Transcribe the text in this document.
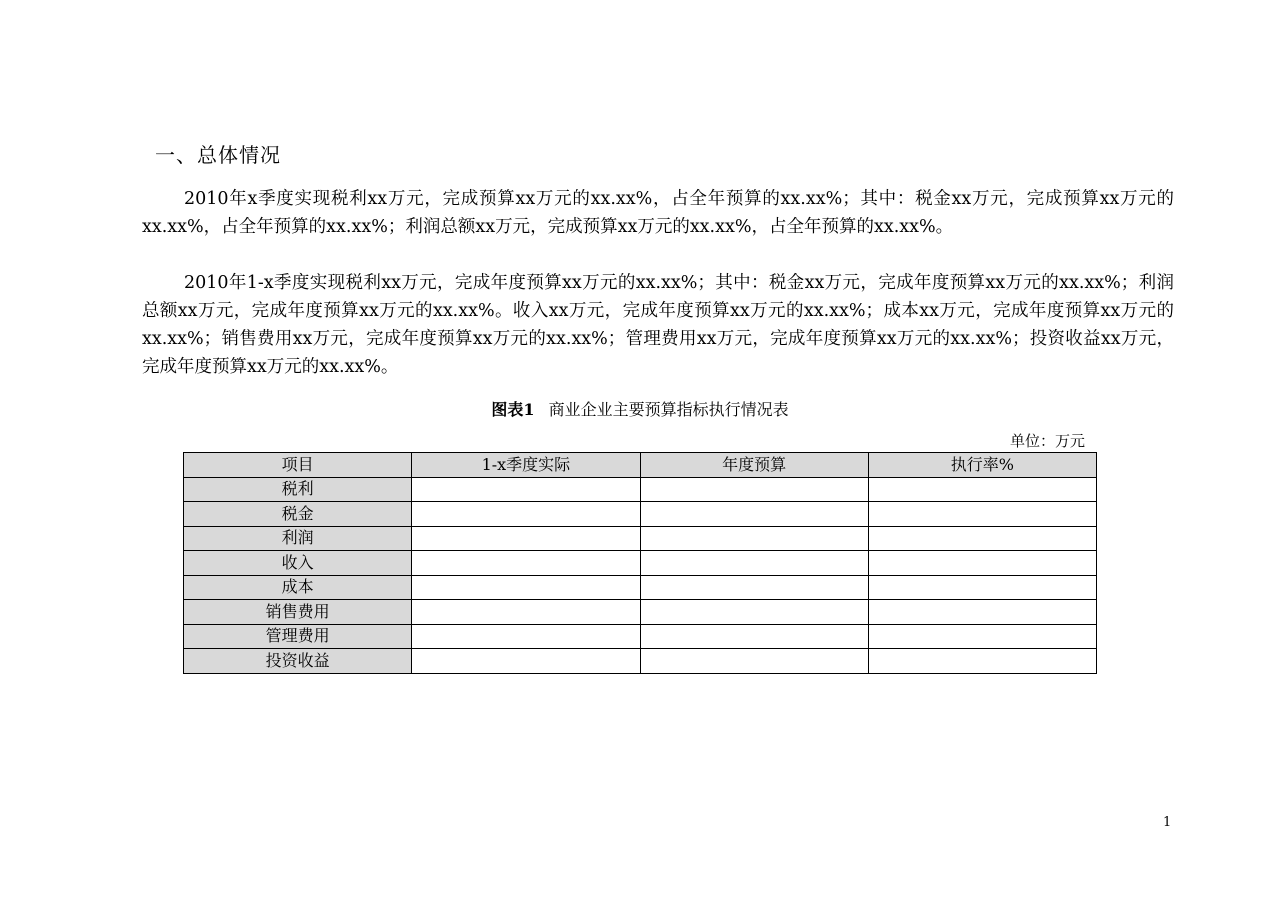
一、总体情况

2010年x季度实现税利xx万元，完成预算xx万元的xx.xx%，占全年预算的xx.xx%；其中：税金xx万元，完成预算xx万元的xx.xx%，占全年预算的xx.xx%；利润总额xx万元，完成预算xx万元的xx.xx%，占全年预算的xx.xx%。

2010年1-x季度实现税利xx万元，完成年度预算xx万元的xx.xx%；其中：税金xx万元，完成年度预算xx万元的xx.xx%；利润总额xx万元，完成年度预算xx万元的xx.xx%。收入xx万元，完成年度预算xx万元的xx.xx%；成本xx万元，完成年度预算xx万元的xx.xx%；销售费用xx万元，完成年度预算xx万元的xx.xx%；管理费用xx万元，完成年度预算xx万元的xx.xx%；投资收益xx万元，完成年度预算xx万元的xx.xx%。

图表1 商业企业主要预算指标执行情况表
单位：万元
项目	1-x季度实际	年度预算	执行率%
税利			
税金			
利润			
收入			
成本			
销售费用			
管理费用			
投资收益			
1
